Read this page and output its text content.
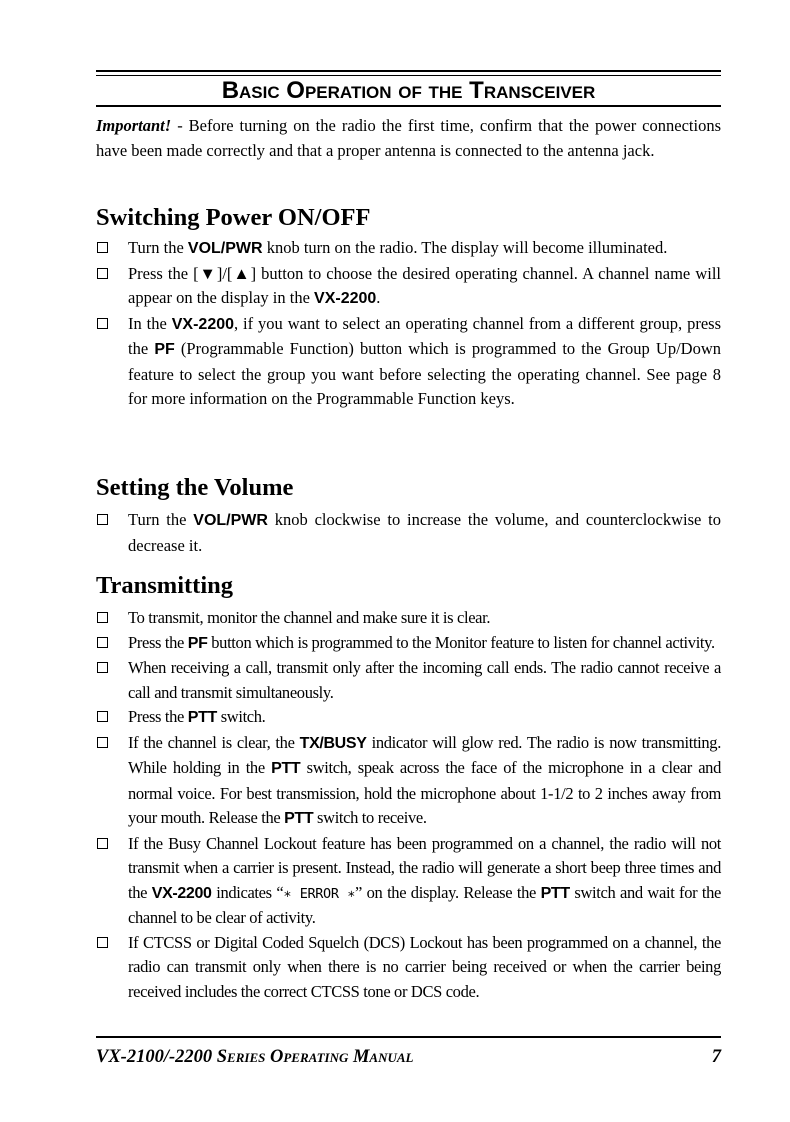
Basic Operation of the Transceiver

Important! - Before turning on the radio the first time, confirm that the power connections have been made correctly and that a proper antenna is connected to the antenna jack.

Switching Power ON/OFF
Turn the VOL/PWR knob turn on the radio. The display will become illuminated.
Press the [▼]/[▲] button to choose the desired operating channel. A channel name will appear on the display in the VX-2200.
In the VX-2200, if you want to select an operating channel from a different group, press the PF (Programmable Function) button which is programmed to the Group Up/Down feature to select the group you want before selecting the operating channel. See page 8 for more information on the Programmable Function keys.
Setting the Volume
Turn the VOL/PWR knob clockwise to increase the volume, and counterclockwise to decrease it.
Transmitting
To transmit, monitor the channel and make sure it is clear.
Press the PF button which is programmed to the Monitor feature to listen for channel activity.
When receiving a call, transmit only after the incoming call ends. The radio cannot receive a call and transmit simultaneously.
Press the PTT switch.
If the channel is clear, the TX/BUSY indicator will glow red. The radio is now transmitting. While holding in the PTT switch, speak across the face of the microphone in a clear and normal voice. For best transmission, hold the microphone about 1-1/2 to 2 inches away from your mouth. Release the PTT switch to receive.
If the Busy Channel Lockout feature has been programmed on a channel, the radio will not transmit when a carrier is present. Instead, the radio will generate a short beep three times and the VX-2200 indicates “∗ ERROR ∗” on the display. Release the PTT switch and wait for the channel to be clear of activity.
If CTCSS or Digital Coded Squelch (DCS) Lockout has been programmed on a channel, the radio can transmit only when there is no carrier being received or when the carrier being received includes the correct CTCSS tone or DCS code.
VX-2100/-2200 Series Operating Manual	7
